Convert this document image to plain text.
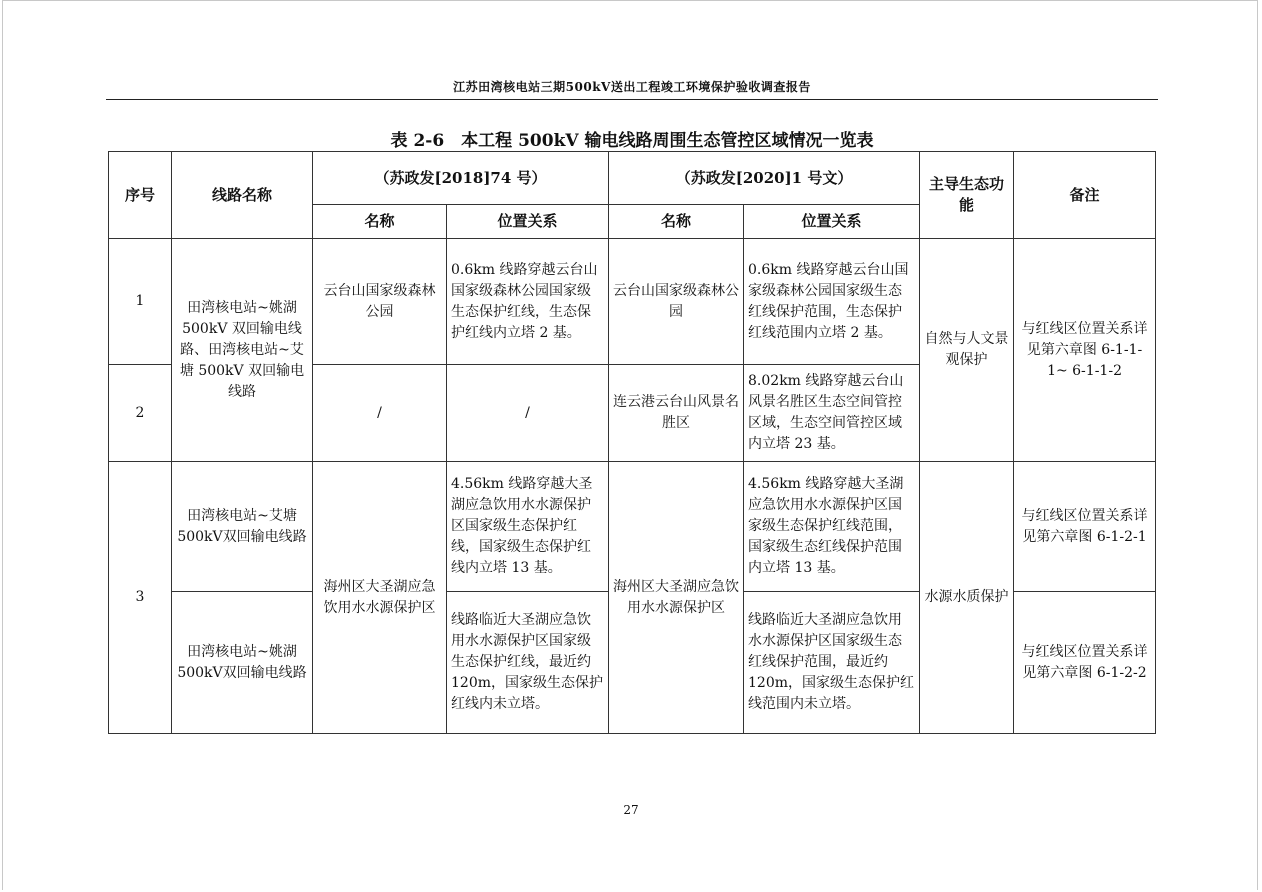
江苏田湾核电站三期500kV送出工程竣工环境保护验收调查报告
表 2-6　本工程 500kV 输电线路周围生态管控区域情况一览表
序号	线路名称	（苏政发[2018]74 号）		（苏政发[2020]1 号文）		主导生态功能	备注
		名称	位置关系	名称	位置关系		
1	田湾核电站~姚湖500kV 双回输电线路、田湾核电站~艾塘 500kV 双回输电线路	云台山国家级森林公园	0.6km 线路穿越云台山国家级森林公园国家级生态保护红线，生态保护红线内立塔 2 基。	云台山国家级森林公园	0.6km 线路穿越云台山国家级森林公园国家级生态红线保护范围，生态保护红线范围内立塔 2 基。	自然与人文景观保护	与红线区位置关系详见第六章图 6-1-1-1~ 6-1-1-2
2		/	/	连云港云台山风景名胜区	8.02km 线路穿越云台山风景名胜区生态空间管控区域，生态空间管控区域内立塔 23 基。		
3	田湾核电站~艾塘500kV双回输电线路	海州区大圣湖应急饮用水水源保护区	4.56km 线路穿越大圣湖应急饮用水水源保护区国家级生态保护红线，国家级生态保护红线内立塔 13 基。	海州区大圣湖应急饮用水水源保护区	4.56km 线路穿越大圣湖应急饮用水水源保护区国家级生态保护红线范围，国家级生态红线保护范围内立塔 13 基。	水源水质保护	与红线区位置关系详见第六章图 6-1-2-1
	田湾核电站~姚湖500kV双回输电线路		线路临近大圣湖应急饮用水水源保护区国家级生态保护红线，最近约 120m，国家级生态保护红线内未立塔。		线路临近大圣湖应急饮用水水源保护区国家级生态红线保护范围，最近约 120m，国家级生态保护红线范围内未立塔。		与红线区位置关系详见第六章图 6-1-2-2
27
